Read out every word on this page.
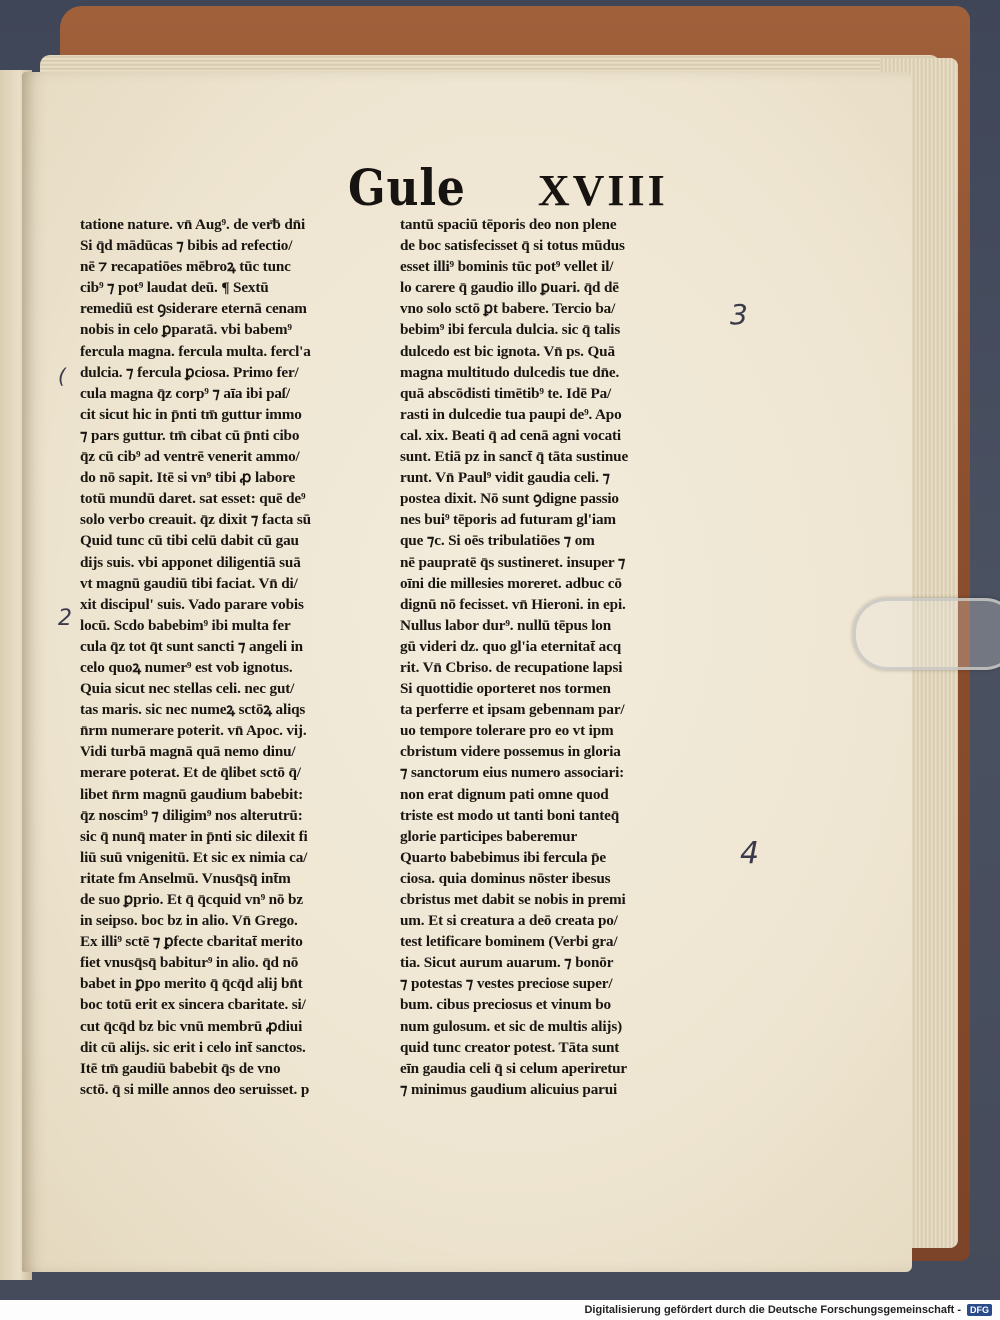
Gule XVIII
tatione nature. vn̄ Aug⁹. de ver͞b dn̄i
Si q̄d mādūcas ⁊ bibis ad refectio/
nē ⁊ recapatiōes mēbroꝝ tūc tunc
cib⁹ ⁊ pot⁹ laudat deū. ¶ Sextū
remediū est ꝯsiderare eternā cenam
nobis in celo ꝑparatā. vbi babem⁹
fercula magna. fercula multa. fercl'a
dulcia. ⁊ fercula ꝑciosa. Primo fer/
cula magna q̄z corp⁹ ⁊ aīa ibi paſ/
cit sicut hic in p̄nti tm̄ guttur immo
⁊ pars guttur. tm̄ cibat cū p̄nti cibo
q̄z cū cib⁹ ad ventrē venerit ammo/
do nō sapit. Itē si vn⁹ tibi ꝓ labore
totū mundū daret. sat esset: quē de⁹
solo verbo creauit. q̄z dixit ⁊ facta sū
Quid tunc cū tibi celū dabit cū gau
dijs suis. vbi apponet diligentiā suā
vt magnū gaudiū tibi faciat. Vn̄ di/
xit discipul' suis. Vado parare vobis
locū. Scdo babebim⁹ ibi multa fer
cula q̄z tot q̄t sunt sancti ⁊ angeli in
celo quoꝝ numer⁹ est vob ignotus.
Quia sicut nec stellas celi. nec gut/
tas maris. sic nec numeꝝ sctōꝝ aliqs
n̄rm numerare poterit. vn̄ Apoc. vij.
Vidi turbā magnā quā nemo dinu/
merare poterat. Et de q̄libet sctō q̄/
libet n̄rm magnū gaudium babebit:
q̄z noscim⁹ ⁊ diligim⁹ nos alterutrū:
sic q̄ nunq̄ mater in p̄nti sic dilexit fi
liū suū vnigenitū. Et sic ex nimia ca/
ritate fm Anselmū. Vnusq̄sq̄ int̄m
de suo ꝑprio. Et q̄ q̄cquid vn⁹ nō bz
in seipso. boc bz in alio. Vn̄ Grego.
Ex illi⁹ sctē ⁊ ꝑfecte cbaritat̄ merito
fiet vnusq̄sq̄ babitur⁹ in alio. q̄d nō
babet in ꝑpo merito q̄ q̄cq̄d alij bn̄t
boc totū erit ex sincera cbaritate. si/
cut q̄cq̄d bz bic vnū membrū ꝓdiui
dit cū alijs. sic erit i celo int̄ sanctos.
Itē tm̄ gaudiū babebit q̄s de vno
sctō. q̄ si mille annos deo seruisset. p
tantū spaciū tēporis deo non plene
de boc satisfecisset q̄ si totus mūdus
esset illi⁹ bominis tūc pot⁹ vellet il/
lo carere q̄ gaudio illo ꝑuari. q̄d dē
vno solo sctō ꝑt babere. Tercio ba/
bebim⁹ ibi fercula dulcia. sic q̄ talis
dulcedo est bic ignota. Vn̄ ps. Quā
magna multitudo dulcedis tue dn̄e.
quā abscōdisti timētib⁹ te. Idē Pa/
rasti in dulcedie tua paupi de⁹. Apo
cal. xix. Beati q̄ ad cenā agni vocati
sunt. Etiā pz in sanct̄ q̄ tāta sustinue
runt. Vn̄ Paul⁹ vidit gaudia celi. ⁊
postea dixit. Nō sunt ꝯdigne passio
nes bui⁹ tēporis ad futuram gl'iam
que ⁊c. Si oēs tribulatiōes ⁊ om
nē paupratē q̄s sustineret. insuper ⁊
oīni die millesies moreret. adbuc cō
dignū nō fecisset. vn̄ Hieroni. in epi.
Nullus labor dur⁹. nullū tēpus lon
gū videri dz. quo gl'ia eternitat̄ acq
rit. Vn̄ Cbriso. de recupatione lapsi
Si quottidie oporteret nos tormen
ta perferre et ipsam gebennam par/
uo tempore tolerare pro eo vt ipm
cbristum videre possemus in gloria
⁊ sanctorum eius numero associari:
non erat dignum pati omne quod
triste est modo ut tanti boni tanteq̄
glorie participes baberemur
Quarto babebimus ibi fercula p̄e
ciosa. quia dominus nōster ibesus
cbristus met dabit se nobis in premi
um. Et si creatura a deō creata po/
test letificare bominem (Verbi gra/
tia. Sicut aurum auarum. ⁊ bonōr
⁊ potestas ⁊ vestes preciose super/
bum. cibus preciosus et vinum bo
num gulosum. et sic de multis alijs)
quid tunc creator potest. Tāta sunt
eīn gaudia celi q̄ si celum aperiretur
⁊ minimus gaudium alicuius parui
3
2
(
4
Digitalisierung gefördert durch die Deutsche Forschungsgemeinschaft -	DFG
